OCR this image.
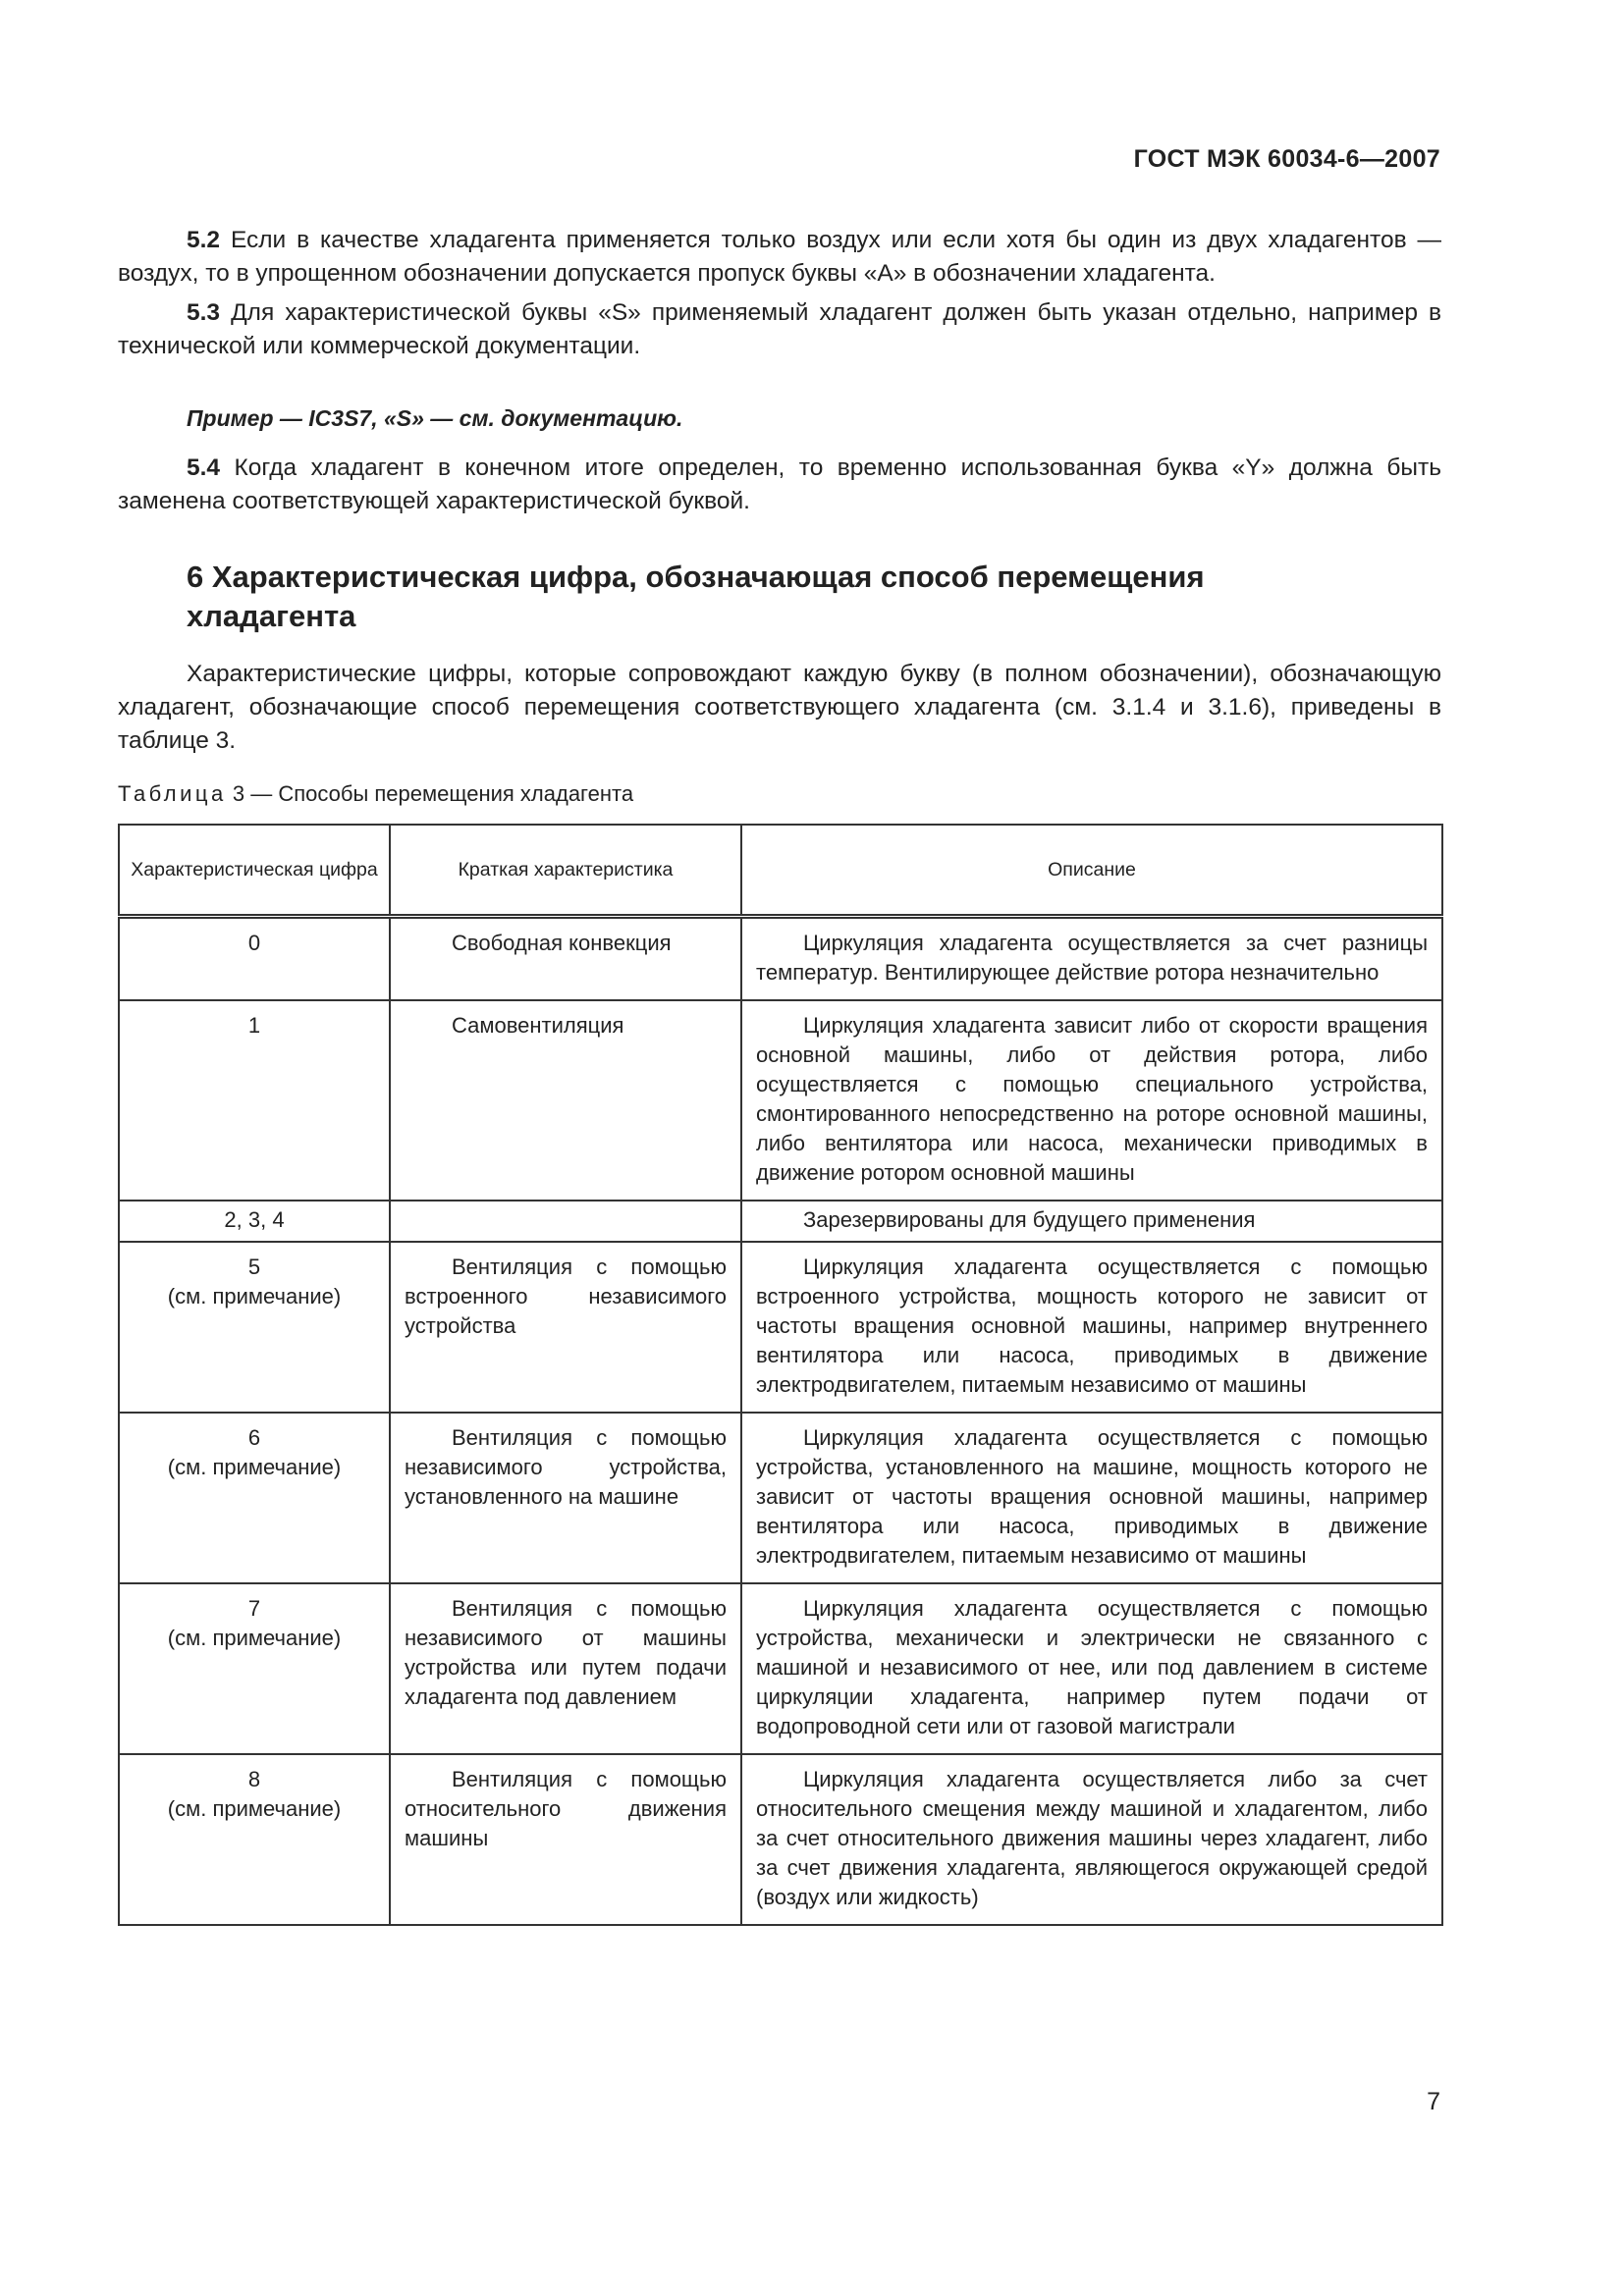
ГОСТ МЭК 60034-6—2007

5.2 Если в качестве хладагента применяется только воздух или если хотя бы один из двух хладагентов — воздух, то в упрощенном обозначении допускается пропуск буквы «А» в обозначении хладагента.

5.3 Для характеристической буквы «S» применяемый хладагент должен быть указан отдельно, например в технической или коммерческой документации.

Пример — IC3S7, «S» — см. документацию.

5.4 Когда хладагент в конечном итоге определен, то временно использованная буква «Y» должна быть заменена соответствующей характеристической буквой.

6 Характеристическая цифра, обозначающая способ перемещения хладагента

Характеристические цифры, которые сопровождают каждую букву (в полном обозначении), обозначающую хладагент, обозначающие способ перемещения соответствующего хладагента (см. 3.1.4 и 3.1.6), приведены в таблице 3.

Таблица 3 — Способы перемещения хладагента
Характеристическая цифра	Краткая характеристика	Описание
0	Свободная конвекция	Циркуляция хладагента осуществляется за счет разницы температур. Вентилирующее действие ротора незначительно

1	Самовентиляция	Циркуляция хладагента зависит либо от скорости вращения основной машины, либо от действия ротора, либо осуществляется с помощью специального устройства, смонтированного непосредственно на роторе основной машины, либо вентилятора или насоса, механически приводимых в движение ротором основной машины

2, 3, 4		Зарезервированы для будущего применения

5
(см. примечание)	Вентиляция с помощью встроенного независимого устройства	Циркуляция хладагента осуществляется с помощью встроенного устройства, мощность которого не зависит от частоты вращения основной машины, например внутреннего вентилятора или насоса, приводимых в движение электродвигателем, питаемым независимо от машины

6
(см. примечание)	Вентиляция с помощью независимого устройства, установленного на машине	Циркуляция хладагента осуществляется с помощью устройства, установленного на машине, мощность которого не зависит от частоты вращения основной машины, например вентилятора или насоса, приводимых в движение электродвигателем, питаемым независимо от машины

7
(см. примечание)	Вентиляция с помощью независимого от машины устройства или путем подачи хладагента под давлением	Циркуляция хладагента осуществляется с помощью устройства, механически и электрически не связанного с машиной и независимого от нее, или под давлением в системе циркуляции хладагента, например путем подачи от водопроводной сети или от газовой магистрали

8
(см. примечание)	Вентиляция с помощью относительного движения машины	Циркуляция хладагента осуществляется либо за счет относительного смещения между машиной и хладагентом, либо за счет относительного движения машины через хладагент, либо за счет движения хладагента, являющегося окружающей средой (воздух или жидкость)
7
